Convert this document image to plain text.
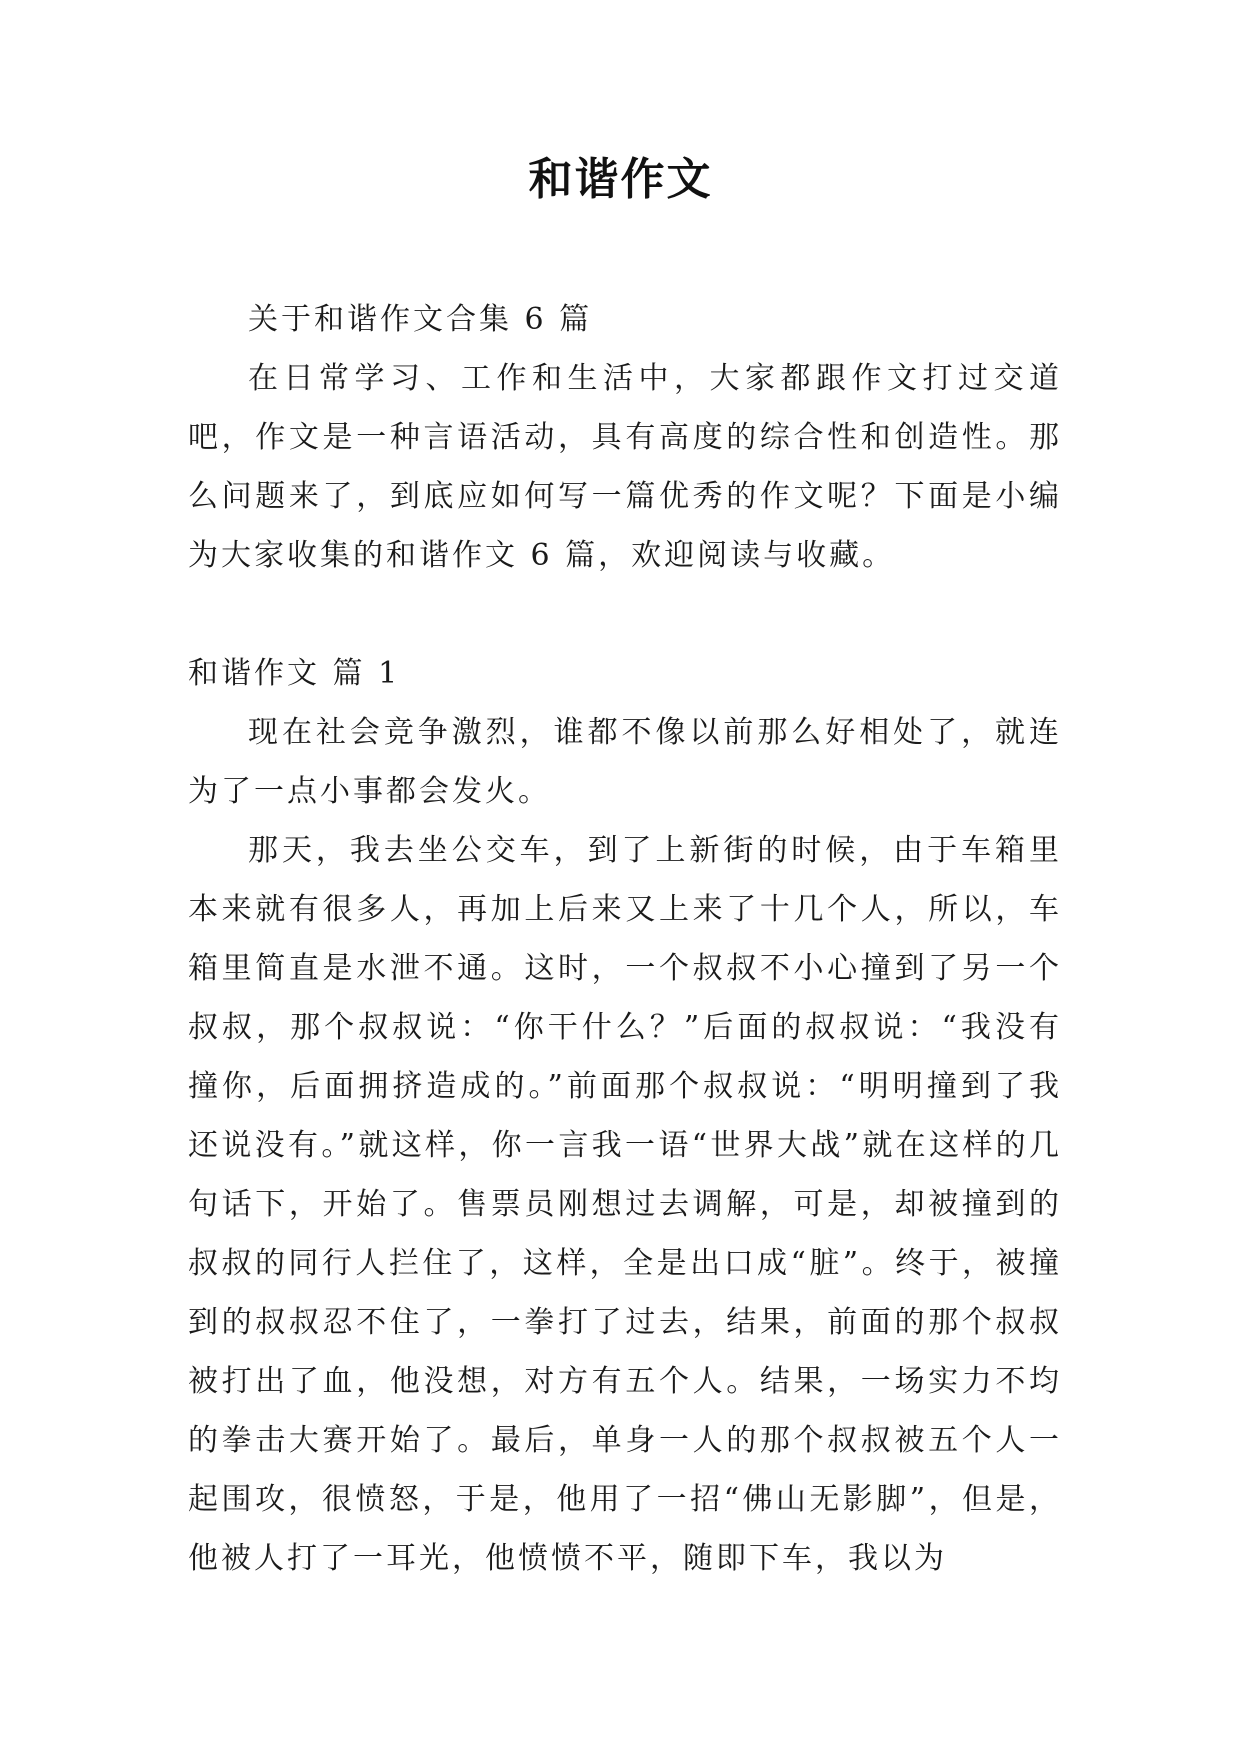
和谐作文

关于和谐作文合集 6 篇

在日常学习、工作和生活中，大家都跟作文打过交道吧，作文是一种言语活动，具有高度的综合性和创造性。那么问题来了，到底应如何写一篇优秀的作文呢？下面是小编为大家收集的和谐作文 6 篇，欢迎阅读与收藏。

和谐作文 篇 1

现在社会竞争激烈，谁都不像以前那么好相处了，就连为了一点小事都会发火。

那天，我去坐公交车，到了上新街的时候，由于车箱里本来就有很多人，再加上后来又上来了十几个人，所以，车箱里简直是水泄不通。这时，一个叔叔不小心撞到了另一个叔叔，那个叔叔说：“你干什么？”后面的叔叔说：“我没有撞你，后面拥挤造成的。”前面那个叔叔说：“明明撞到了我还说没有。”就这样，你一言我一语“世界大战”就在这样的几句话下，开始了。售票员刚想过去调解，可是，却被撞到的叔叔的同行人拦住了，这样，全是出口成“脏”。终于，被撞到的叔叔忍不住了，一拳打了过去，结果，前面的那个叔叔被打出了血，他没想，对方有五个人。结果，一场实力不均的拳击大赛开始了。最后，单身一人的那个叔叔被五个人一起围攻，很愤怒，于是，他用了一招“佛山无影脚”，但是，他被人打了一耳光，他愤愤不平，随即下车，我以为
